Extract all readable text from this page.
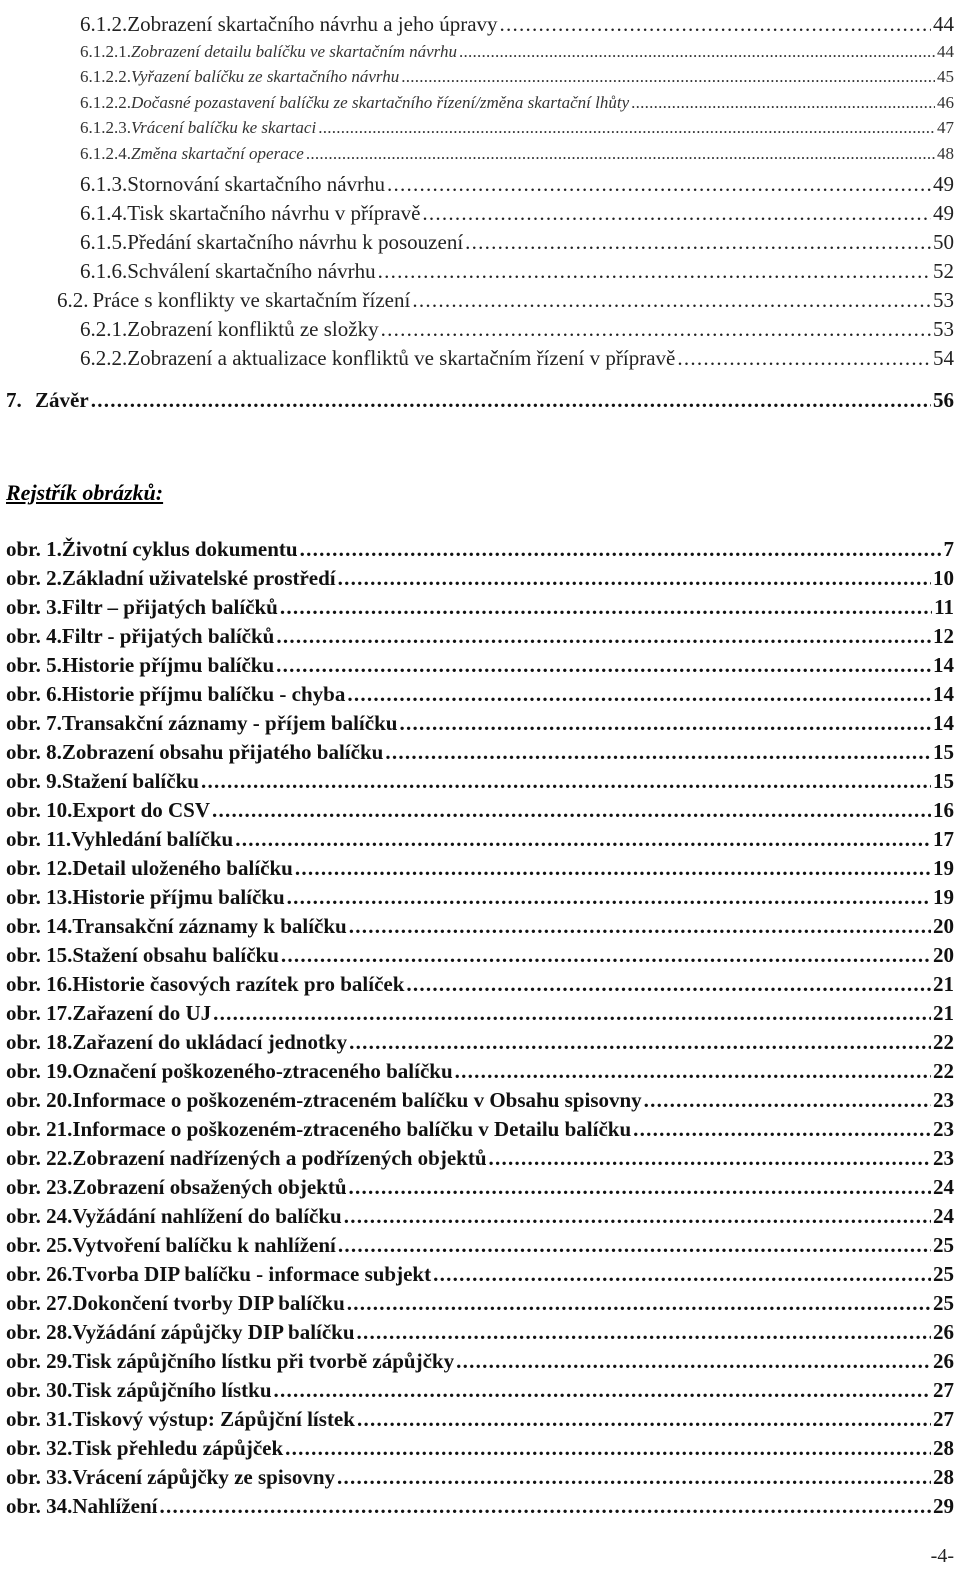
6.1.2. Zobrazení skartačního návrhu a jeho úpravy . . .	44
6.1.2.1. Zobrazení detailu balíčku ve skartačním návrhu . . .	44
6.1.2.2. Vyřazení balíčku ze skartačního návrhu . . .	45
6.1.2.2. Dočasné pozastavení balíčku ze skartačního řízení/změna skartační lhůty . . .	46
6.1.2.3. Vrácení balíčku ke skartaci . . .	47
6.1.2.4. Změna skartační operace . . .	48
6.1.3. Stornování skartačního návrhu . . .	49
6.1.4. Tisk skartačního návrhu v přípravě . . .	49
6.1.5. Předání skartačního návrhu k posouzení . . .	50
6.1.6. Schválení skartačního návrhu . . .	52
6.2. Práce s konflikty ve skartačním řízení . . .	53
6.2.1. Zobrazení konfliktů ze složky . . .	53
6.2.2. Zobrazení a aktualizace konfliktů ve skartačním řízení v přípravě . . .	54
7. Závěr . . .	56
Rejstřík obrázků:
obr. 1. Životní cyklus dokumentu . . .	7
obr. 2. Základní uživatelské prostředí . . .	10
obr. 3. Filtr – přijatých balíčků . . .	11
obr. 4. Filtr - přijatých balíčků . . .	12
obr. 5. Historie příjmu balíčku . . .	14
obr. 6. Historie příjmu balíčku - chyba . . .	14
obr. 7. Transakční záznamy - příjem balíčku . . .	14
obr. 8. Zobrazení obsahu přijatého balíčku . . .	15
obr. 9. Stažení balíčku . . .	15
obr. 10. Export do CSV . . .	16
obr. 11. Vyhledání balíčku . . .	17
obr. 12. Detail uloženého balíčku . . .	19
obr. 13. Historie příjmu balíčku . . .	19
obr. 14. Transakční záznamy k balíčku . . .	20
obr. 15. Stažení obsahu balíčku . . .	20
obr. 16. Historie časových razítek pro balíček . . .	21
obr. 17. Zařazení do UJ . . .	21
obr. 18. Zařazení do ukládací jednotky . . .	22
obr. 19. Označení poškozeného-ztraceného balíčku . . .	22
obr. 20. Informace o poškozeném-ztraceném balíčku v Obsahu spisovny . . .	23
obr. 21. Informace o poškozeném-ztraceného balíčku v Detailu balíčku . . .	23
obr. 22. Zobrazení nadřízených a podřízených objektů . . .	23
obr. 23. Zobrazení obsažených objektů . . .	24
obr. 24. Vyžádání nahlížení do balíčku . . .	24
obr. 25. Vytvoření balíčku k nahlížení . . .	25
obr. 26. Tvorba DIP balíčku - informace subjekt . . .	25
obr. 27. Dokončení tvorby DIP balíčku . . .	25
obr. 28. Vyžádání zápůjčky DIP balíčku . . .	26
obr. 29. Tisk zápůjčního lístku při tvorbě zápůjčky . . .	26
obr. 30. Tisk zápůjčního lístku . . .	27
obr. 31. Tiskový výstup: Zápůjční lístek . . .	27
obr. 32. Tisk přehledu zápůjček . . .	28
obr. 33. Vrácení zápůjčky ze spisovny . . .	28
obr. 34. Nahlížení . . .	29
-4-
